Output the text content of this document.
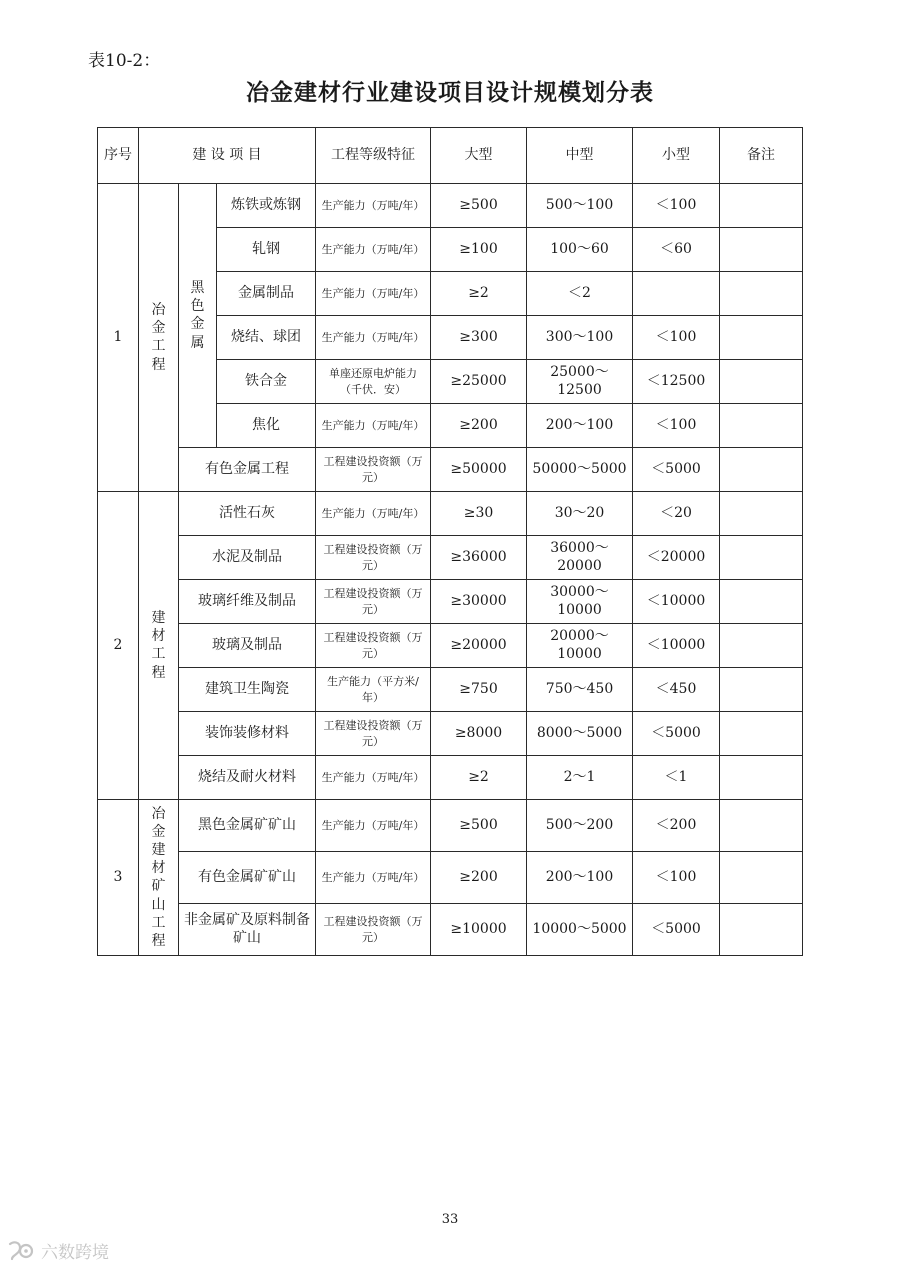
表10-2：
冶金建材行业建设项目设计规模划分表
序号	建 设 项 目			工程等级特征	大型	中型	小型	备注
1	冶金工程	黑色金属	炼铁或炼钢	生产能力（万吨/年）	≥500	500～100	＜100	
			轧钢	生产能力（万吨/年）	≥100	100～60	＜60	
			金属制品	生产能力（万吨/年）	≥2	＜2		
			烧结、球团	生产能力（万吨/年）	≥300	300～100	＜100	
			铁合金	单座还原电炉能力（千伏．安）	≥25000	25000～12500	＜12500	
			焦化	生产能力（万吨/年）	≥200	200～100	＜100	
		有色金属工程		工程建设投资额（万元）	≥50000	50000～5000	＜5000	
2	建材工程	活性石灰		生产能力（万吨/年）	≥30	30～20	＜20	
		水泥及制品		工程建设投资额（万元）	≥36000	36000～20000	＜20000	
		玻璃纤维及制品		工程建设投资额（万元）	≥30000	30000～10000	＜10000	
		玻璃及制品		工程建设投资额（万元）	≥20000	20000～10000	＜10000	
		建筑卫生陶瓷		生产能力（平方米/年）	≥750	750～450	＜450	
		装饰装修材料		工程建设投资额（万元）	≥8000	8000～5000	＜5000	
		烧结及耐火材料		生产能力（万吨/年）	≥2	2～1	＜1	
3	冶金建材矿山工程	黑色金属矿矿山		生产能力（万吨/年）	≥500	500～200	＜200	
		有色金属矿矿山		生产能力（万吨/年）	≥200	200～100	＜100	
		非金属矿及原料制备矿山		工程建设投资额（万元）	≥10000	10000～5000	＜5000	
33
六数跨境
